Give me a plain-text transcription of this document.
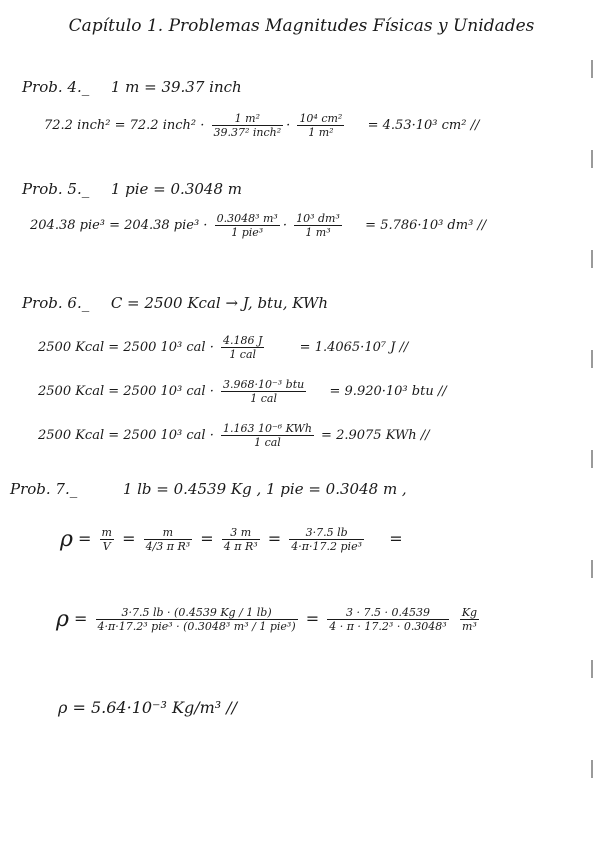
Capítulo 1. Problemas Magnitudes Físicas y Unidades
Prob. 4._ 1 m = 39.37 inch
72.2 inch² = 72.2 inch² · $\frac{\text{1 m²}}{\text{39.37² inch²}} \cdot \frac{\text{10⁴ cm²}}{\text{1 m²}} = 4.53\cdot 10^3$ cm² //
Prob. 5._ 1 pie = 0.3048 m
204.38 pie³ = 204.38 $pie^3 \cdot \frac{\text{0.3048³ m³}}{\text{1 pie³}} \cdot \frac{\text{10³ dm³}}{\text{1 m³}} = 5.786\cdot 10^3$ dm³ //
Prob. 6._ C = 2500 Kcal → J, btu, KWh
2500 Kcal = 2500 10³ cal · $\frac{4.186 J}{\text{1 cal}}$	= 1.4065·10⁷ J //
2500 Kcal = 2500 10³ cal · $\frac{\text{3.968·10⁻³ btu}}{\text{1 cal}} = 9.920\cdot 10^3$ btu //
2500 Kcal = 2500 10³ cal · $\frac{\text{1.163 10⁻⁶ KWh}}{\text{1 cal}} = 2.9075$ KWh //
Prob. 7._	1 lb = 0.4539 Kg , 1 pie = 0.3048 m ,
$\rho = \frac{m}{V} = \frac{m}{\text{4/3 π R³}} = \frac{3 m}{\text{4 π R³}} = \frac{3\cdot 7.5 lb}{\text{4·π·17.2 pie³}}$ =
$\rho = \frac{3\cdot 7.5 lb \cdot (0.4539 Kg / 1 lb)}{\text{4·π·17.2³ pie³ · (0.3048³ m³ / 1 pie³)}} = \frac{3 \cdot 7.5 \cdot 0.4539}{\text{4 · π · 17.2³ · 0.3048³}}$
$\frac{Kg}{\text{m³}}$
ρ = 5.64·10⁻³ Kg/m³ //
